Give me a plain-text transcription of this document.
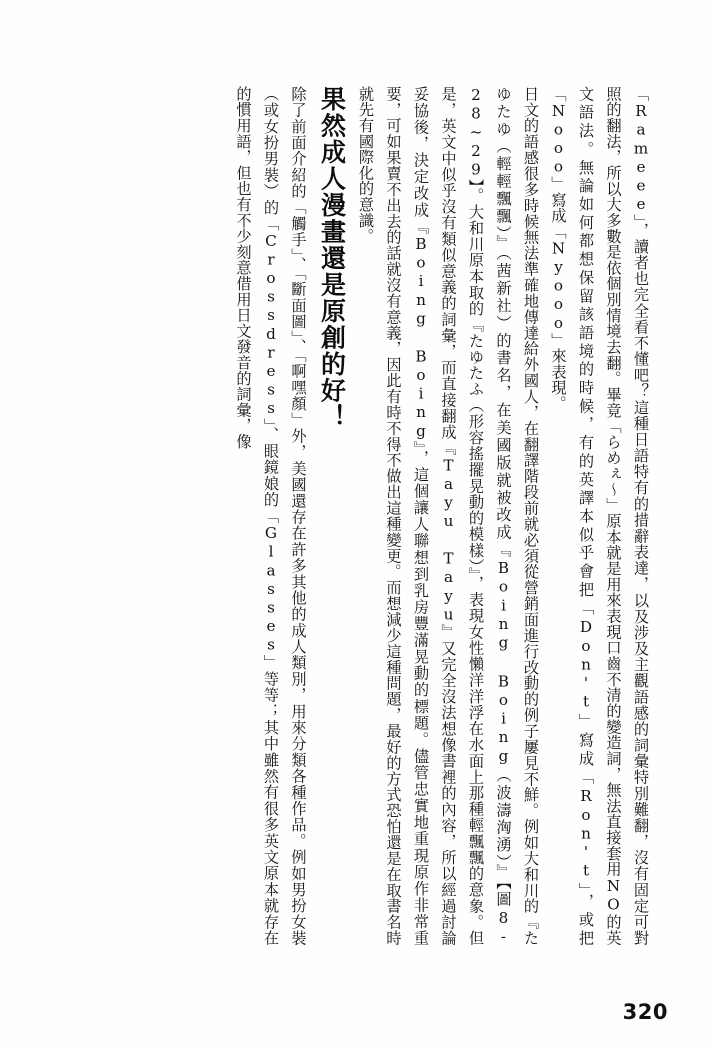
「Rameee」，讀者也完全看不懂吧？這種日語特有的措辭表達，以及涉及主觀語感的詞彙特別難翻，沒有固定可對照的翻法，所以大多數是依個別情境去翻。畢竟「らめぇ～」原本就是用來表現口齒不清的變造詞，無法直接套用NO的英文語法。無論如何都想保留該語境的時候，有的英譯本似乎會把「Don't」寫成「Ron't」，或把「Nooo」寫成「Nyooo」來表現。

日文的語感很多時候無法準確地傳達給外國人，在翻譯階段前就必須從營銷面進行改動的例子屢見不鮮。例如大和川的『たゆたゆ（輕輕飄飄）』（茜新社）的書名，在美國版就被改成『Boing Boing（波濤洶湧）』【圖8-28~29】。大和川原本取的『たゆたふ（形容搖擺晃動的模樣）』，表現女性懶洋洋浮在水面上那種輕飄飄的意象。但是，英文中似乎沒有類似意義的詞彙，而直接翻成『Tayu Tayu』又完全沒法想像書裡的內容，所以經過討論妥協後，決定改成『Boing Boing』，這個讓人聯想到乳房豐滿晃動的標題。儘管忠實地重現原作非常重要，可如果賣不出去的話就沒有意義，因此有時不得不做出這種變更。而想減少這種問題，最好的方式恐怕還是在取書名時就先有國際化的意識。

果然成人漫畫還是原創的好！

除了前面介紹的「觸手」、「斷面圖」、「啊嘿顏」外，美國還存在許多其他的成人類別，用來分類各種作品。例如男扮女裝（或女扮男裝）的「Crossdress」、眼鏡娘的「Glasses」等等；其中雖然有很多英文原本就存在的慣用語，但也有不少刻意借用日文發音的詞彙，像

320
